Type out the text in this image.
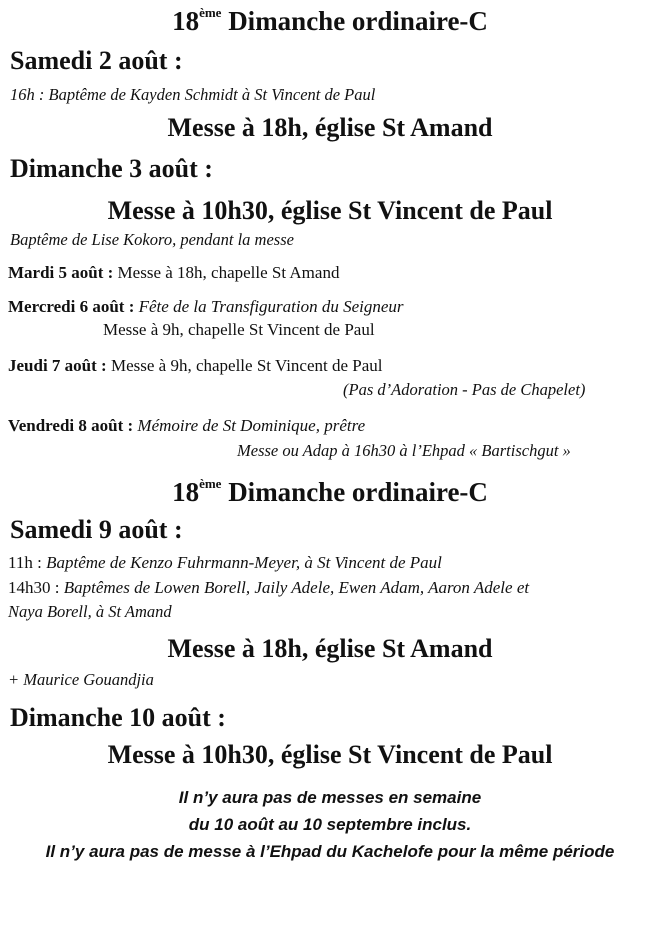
18ème Dimanche ordinaire-C
Samedi 2 août :
16h : Baptême de Kayden Schmidt à St Vincent de Paul
Messe à 18h, église St Amand
Dimanche 3 août :
Messe à 10h30, église St Vincent de Paul
Baptême de Lise Kokoro, pendant la messe
Mardi 5 août : Messe à 18h, chapelle St Amand
Mercredi 6 août : Fête de la Transfiguration du Seigneur
Messe à 9h, chapelle St Vincent de Paul
Jeudi 7 août : Messe à 9h, chapelle St Vincent de Paul
(Pas d’Adoration - Pas de Chapelet)
Vendredi 8 août : Mémoire de St Dominique, prêtre
Messe ou Adap à 16h30 à l’Ehpad « Bartischgut »
18ème Dimanche ordinaire-C
Samedi 9 août :
11h : Baptême de Kenzo Fuhrmann-Meyer, à St Vincent de Paul
14h30 : Baptêmes de Lowen Borell, Jaily Adele, Ewen Adam, Aaron Adele et
Naya Borell, à St Amand
Messe à 18h, église St Amand
+ Maurice Gouandjia
Dimanche 10 août :
Messe à 10h30, église St Vincent de Paul
Il n’y aura pas de messes en semaine
du 10 août au 10 septembre inclus.
Il n’y aura pas de messe à l’Ehpad du Kachelofe pour la même période
